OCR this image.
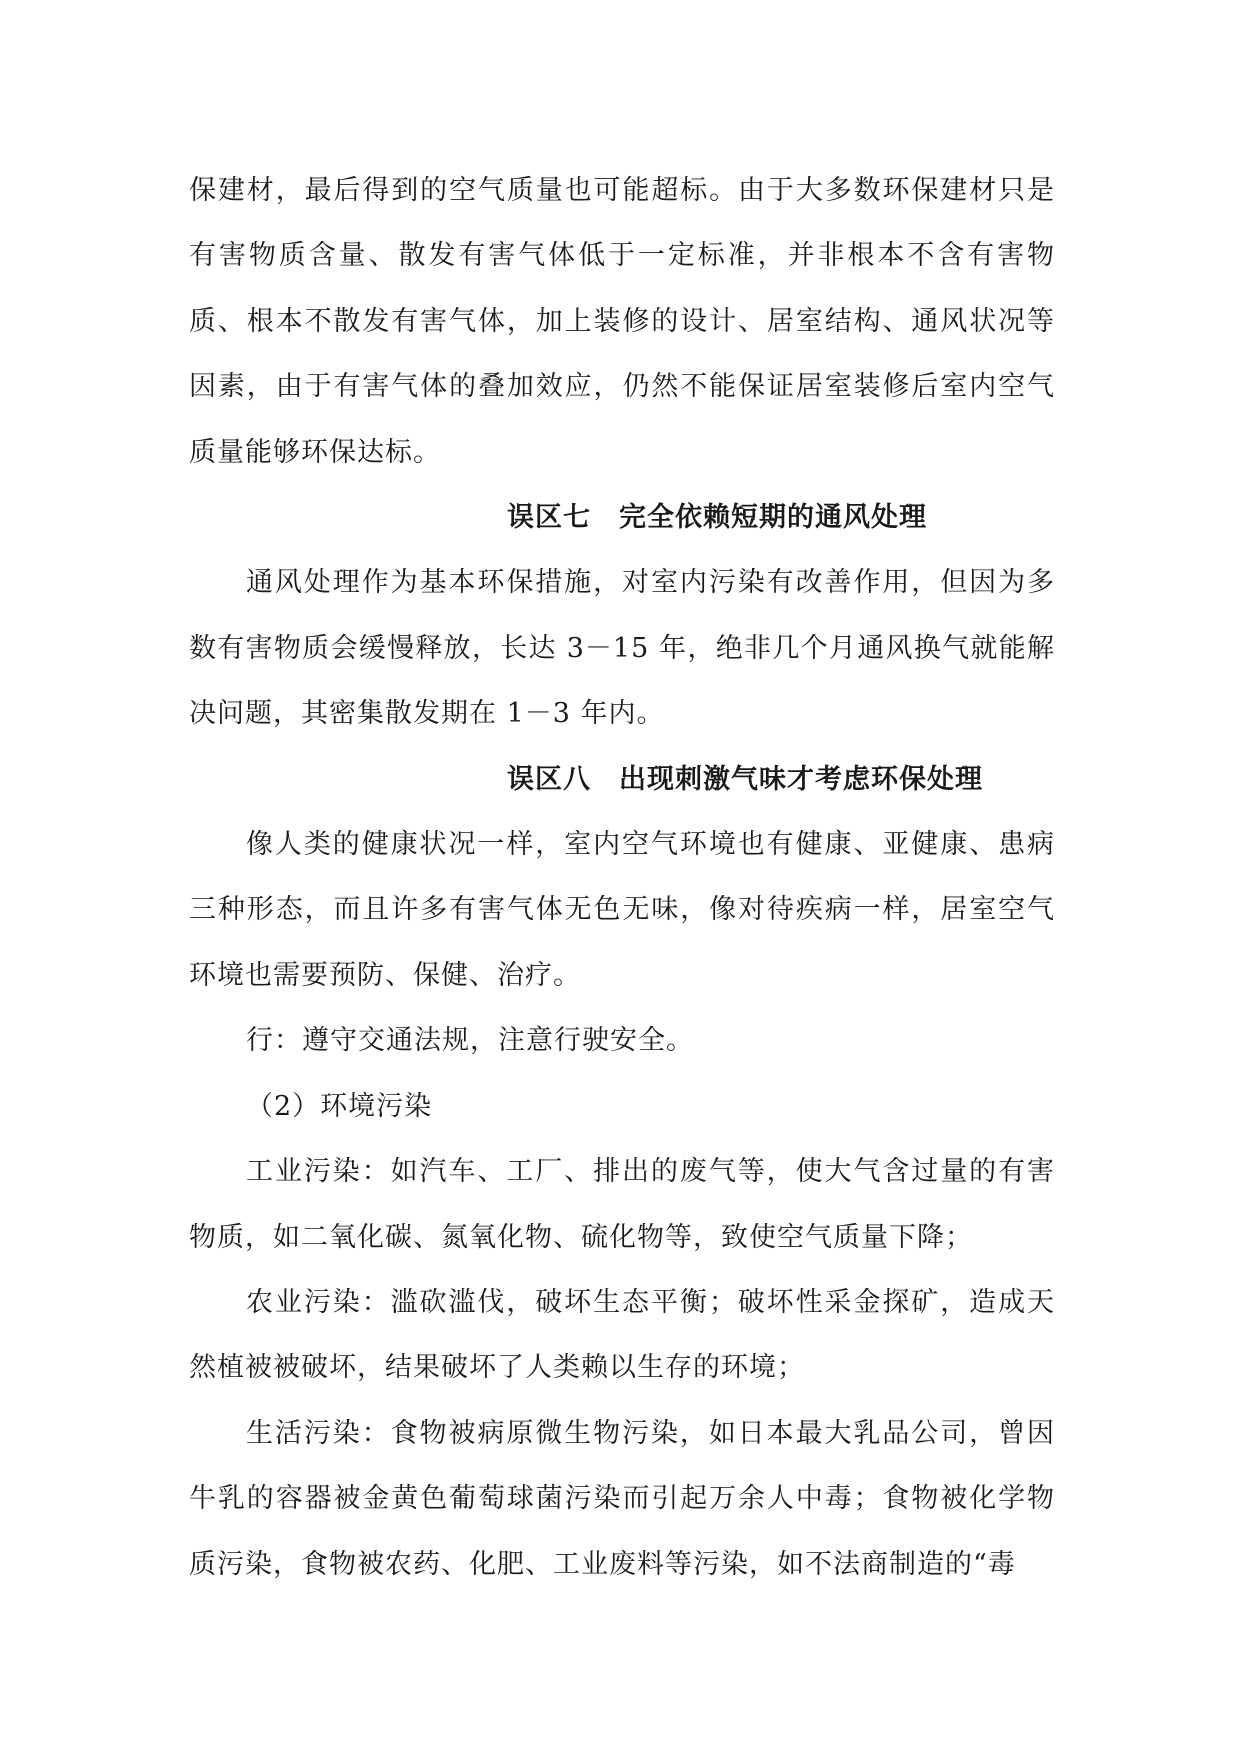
保建材，最后得到的空气质量也可能超标。由于大多数环保建材只是有害物质含量、散发有害气体低于一定标准，并非根本不含有害物质、根本不散发有害气体，加上装修的设计、居室结构、通风状况等因素，由于有害气体的叠加效应，仍然不能保证居室装修后室内空气质量能够环保达标。

误区七　完全依赖短期的通风处理

通风处理作为基本环保措施，对室内污染有改善作用，但因为多数有害物质会缓慢释放，长达 3－15 年，绝非几个月通风换气就能解决问题，其密集散发期在 1－3 年内。

误区八　出现刺激气味才考虑环保处理

像人类的健康状况一样，室内空气环境也有健康、亚健康、患病三种形态，而且许多有害气体无色无味，像对待疾病一样，居室空气环境也需要预防、保健、治疗。

行：遵守交通法规，注意行驶安全。

（2）环境污染

工业污染：如汽车、工厂、排出的废气等，使大气含过量的有害物质，如二氧化碳、氮氧化物、硫化物等，致使空气质量下降；

农业污染：滥砍滥伐，破坏生态平衡；破坏性采金探矿，造成天然植被被破坏，结果破坏了人类赖以生存的环境；

生活污染：食物被病原微生物污染，如日本最大乳品公司，曾因牛乳的容器被金黄色葡萄球菌污染而引起万余人中毒；食物被化学物质污染，食物被农药、化肥、工业废料等污染，如不法商制造的“毒
